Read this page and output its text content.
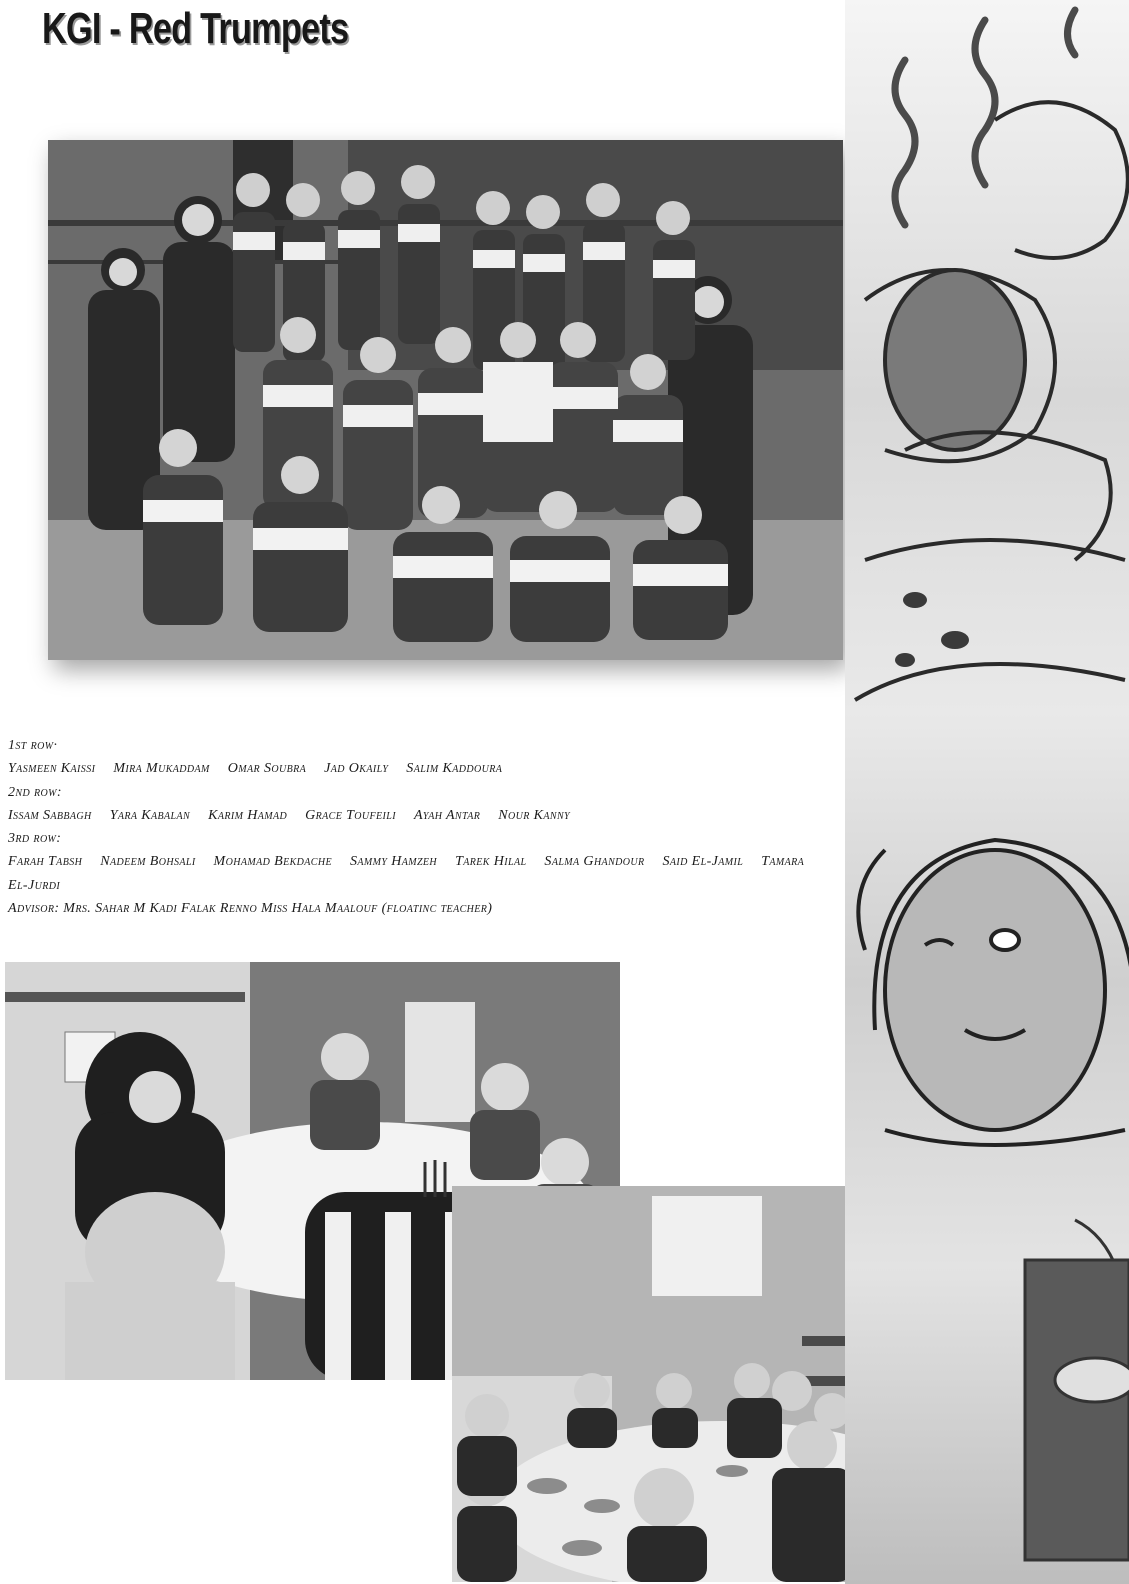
KGI - Red Trumpets

1st row·

Yasmeen Kaissi Mira Mukaddam Omar Soubra Jad Okaily Salim Kaddoura

2nd row:

Issam Sabbagh Yara Kabalan Karim Hamad Grace Toufeili Ayah Antar Nour Kanny

3rd row:

Farah Tabsh Nadeem Bohsali Mohamad Bekdache Sammy Hamzeh Tarek Hilal Salma Ghandour Said El-Jamil Tamara El-Jurdi

Advisor: Mrs. Sahar M Kadi Falak Renno Miss Hala Maalouf (floatinc teacher)
